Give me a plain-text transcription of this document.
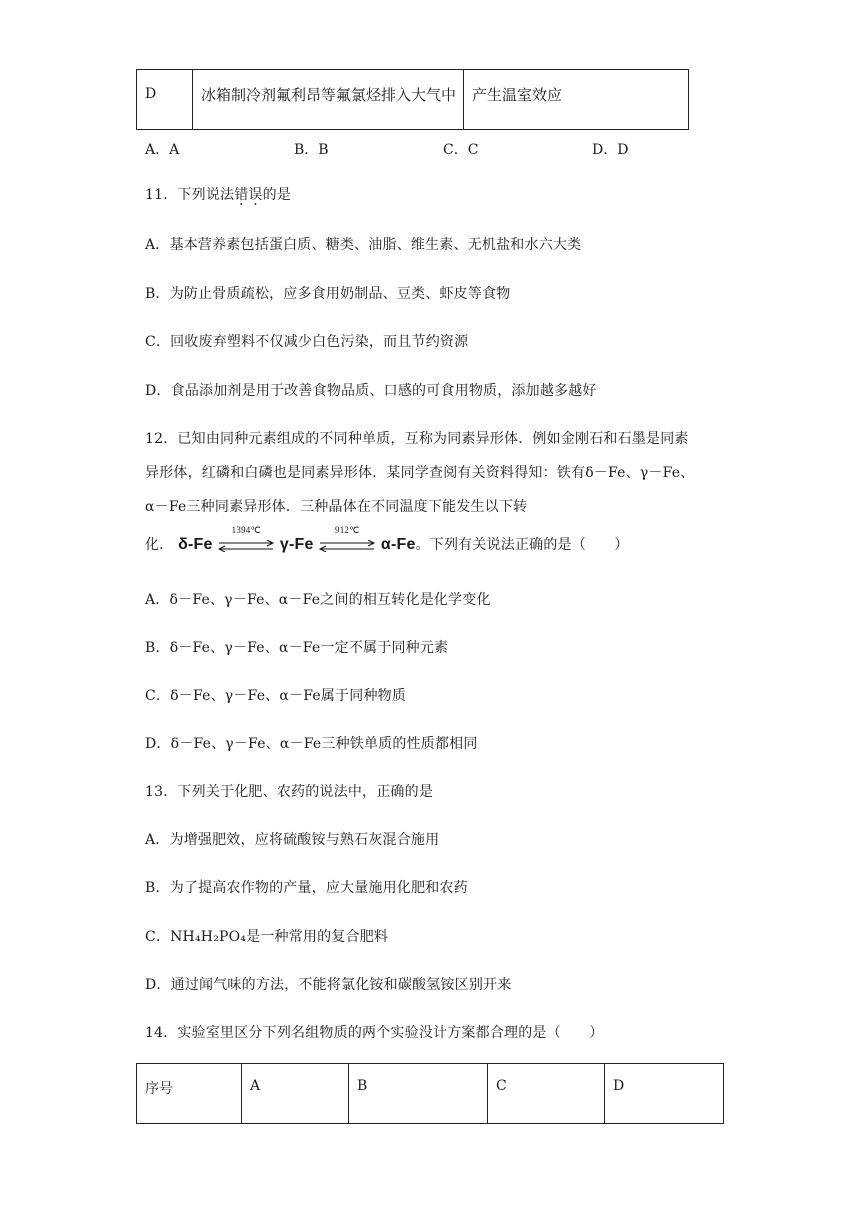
D	冰箱制冷剂氟利昂等氟氯烃排入大气中	产生温室效应
A．A	B．B	C．C	D．D
11．下列说法错误的是
A．基本营养素包括蛋白质、糖类、油脂、维生素、无机盐和水六大类
B．为防止骨质疏松，应多食用奶制品、豆类、虾皮等食物
C．回收废弃塑料不仅减少白色污染，而且节约资源
D．食品添加剂是用于改善食物品质、口感的可食用物质，添加越多越好
12．已知由同种元素组成的不同种单质，互称为同素异形体．例如金刚石和石墨是同素
异形体，红磷和白磷也是同素异形体．某同学查阅有关资料得知：铁有δ－Fe、γ－Fe、
α－Fe三种同素异形体．三种晶体在不同温度下能发生以下转
化． δ-Fe
1394℃
γ-Fe
912℃
α-Fe。下列有关说法正确的是（　　）
A．δ－Fe、γ－Fe、α－Fe之间的相互转化是化学变化
B．δ－Fe、γ－Fe、α－Fe一定不属于同种元素
C．δ－Fe、γ－Fe、α－Fe属于同种物质
D．δ－Fe、γ－Fe、α－Fe三种铁单质的性质都相同
13．下列关于化肥、农药的说法中，正确的是
A．为增强肥效，应将硫酸铵与熟石灰混合施用
B．为了提高农作物的产量，应大量施用化肥和农药
C．NH₄H₂PO₄是一种常用的复合肥料
D．通过闻气味的方法，不能将氯化铵和碳酸氢铵区别开来
14．实验室里区分下列名组物质的两个实验没计方案都合理的是（　　）
序号	A	B	C	D
